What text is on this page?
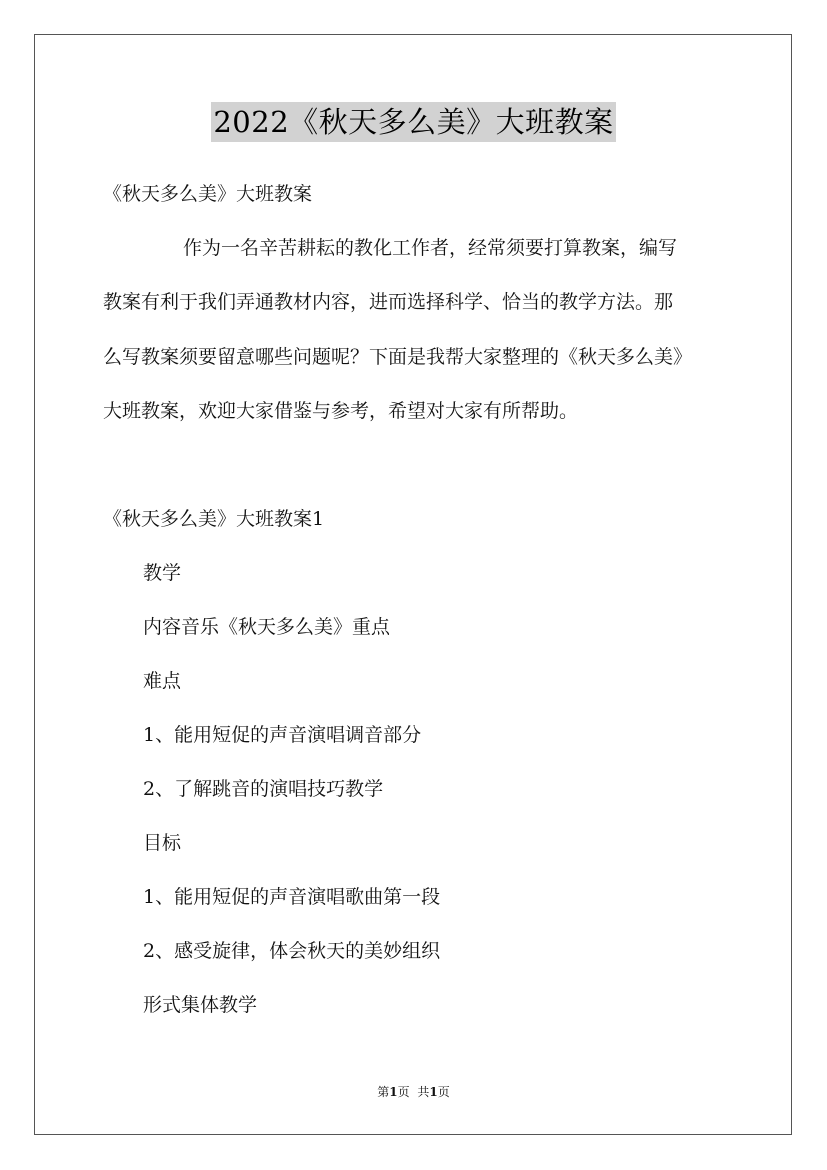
2022《秋天多么美》大班教案
《秋天多么美》大班教案
作为一名辛苦耕耘的教化工作者，经常须要打算教案，编写
教案有利于我们弄通教材内容，进而选择科学、恰当的教学方法。那
么写教案须要留意哪些问题呢？下面是我帮大家整理的《秋天多么美》
大班教案，欢迎大家借鉴与参考，希望对大家有所帮助。
《秋天多么美》大班教案1
教学
内容音乐《秋天多么美》重点
难点
1、能用短促的声音演唱调音部分
2、了解跳音的演唱技巧教学
目标
1、能用短促的声音演唱歌曲第一段
2、感受旋律，体会秋天的美妙组织
形式集体教学
第1页 共1页
